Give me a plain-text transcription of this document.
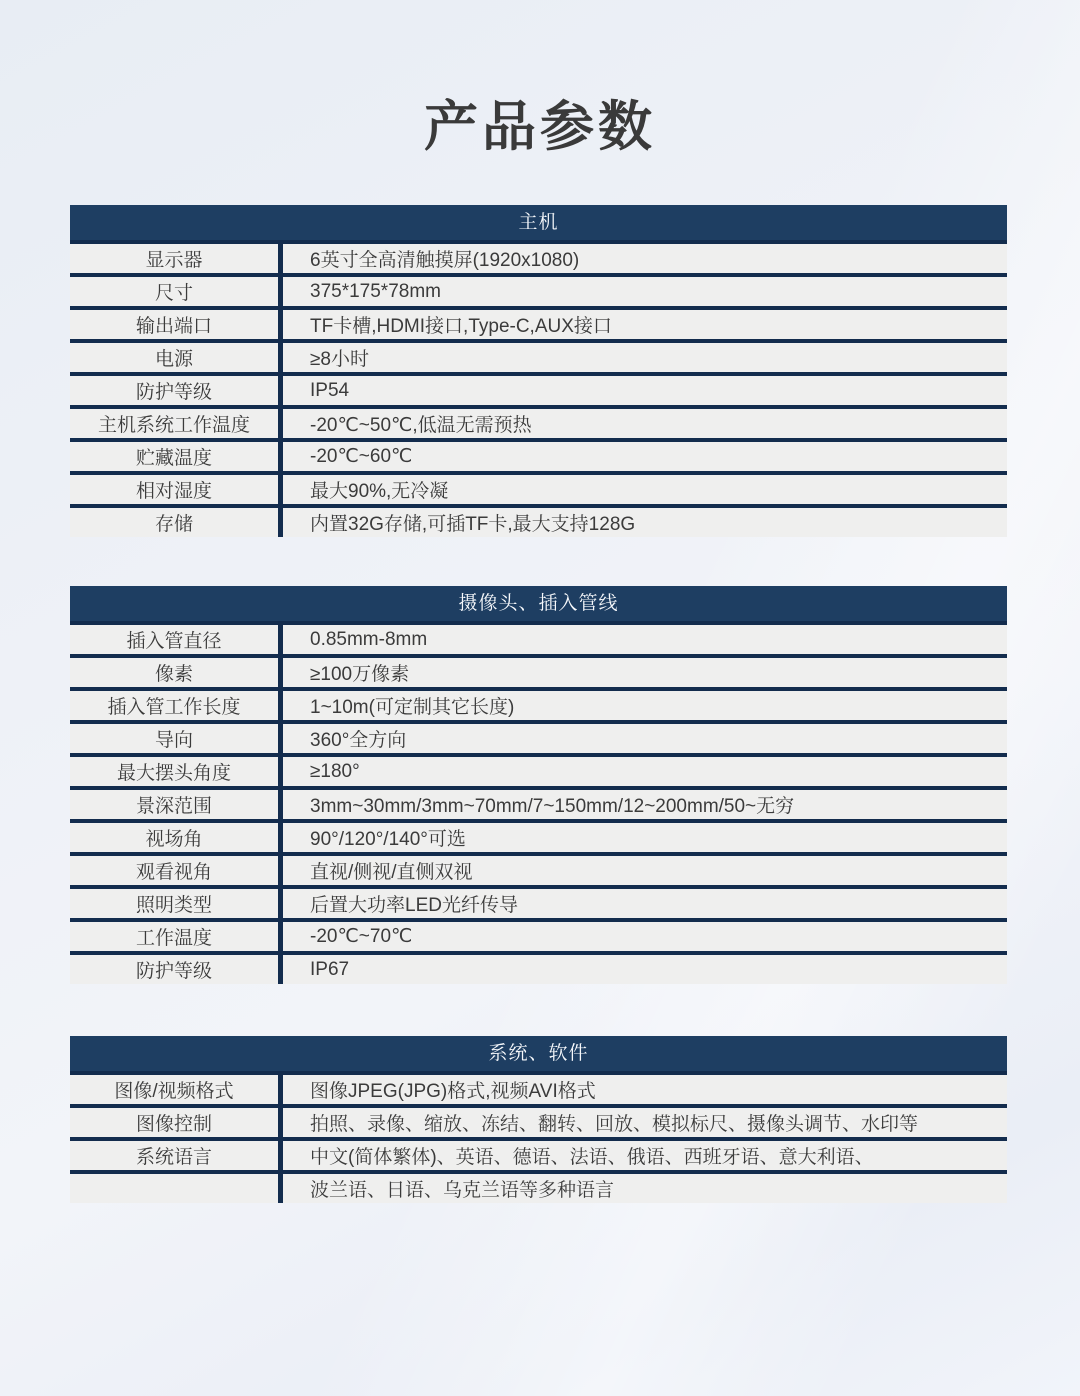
产品参数
主机
显示器	6英寸全高清触摸屏(1920x1080)
尺寸	375*175*78mm
输出端口	TF卡槽,HDMI接口,Type-C,AUX接口
电源	≥8小时
防护等级	IP54
主机系统工作温度	-20℃~50℃,低温无需预热
贮藏温度	-20℃~60℃
相对湿度	最大90%,无冷凝
存储	内置32G存储,可插TF卡,最大支持128G
摄像头、插入管线
插入管直径	0.85mm-8mm
像素	≥100万像素
插入管工作长度	1~10m(可定制其它长度)
导向	360°全方向
最大摆头角度	≥180°
景深范围	3mm~30mm/3mm~70mm/7~150mm/12~200mm/50~无穷
视场角	90°/120°/140°可选
观看视角	直视/侧视/直侧双视
照明类型	后置大功率LED光纤传导
工作温度	-20℃~70℃
防护等级	IP67
系统、软件
图像/视频格式	图像JPEG(JPG)格式,视频AVI格式
图像控制	拍照、录像、缩放、冻结、翻转、回放、模拟标尺、摄像头调节、水印等
系统语言	中文(简体繁体)、英语、德语、法语、俄语、西班牙语、意大利语、
波兰语、日语、乌克兰语等多种语言
